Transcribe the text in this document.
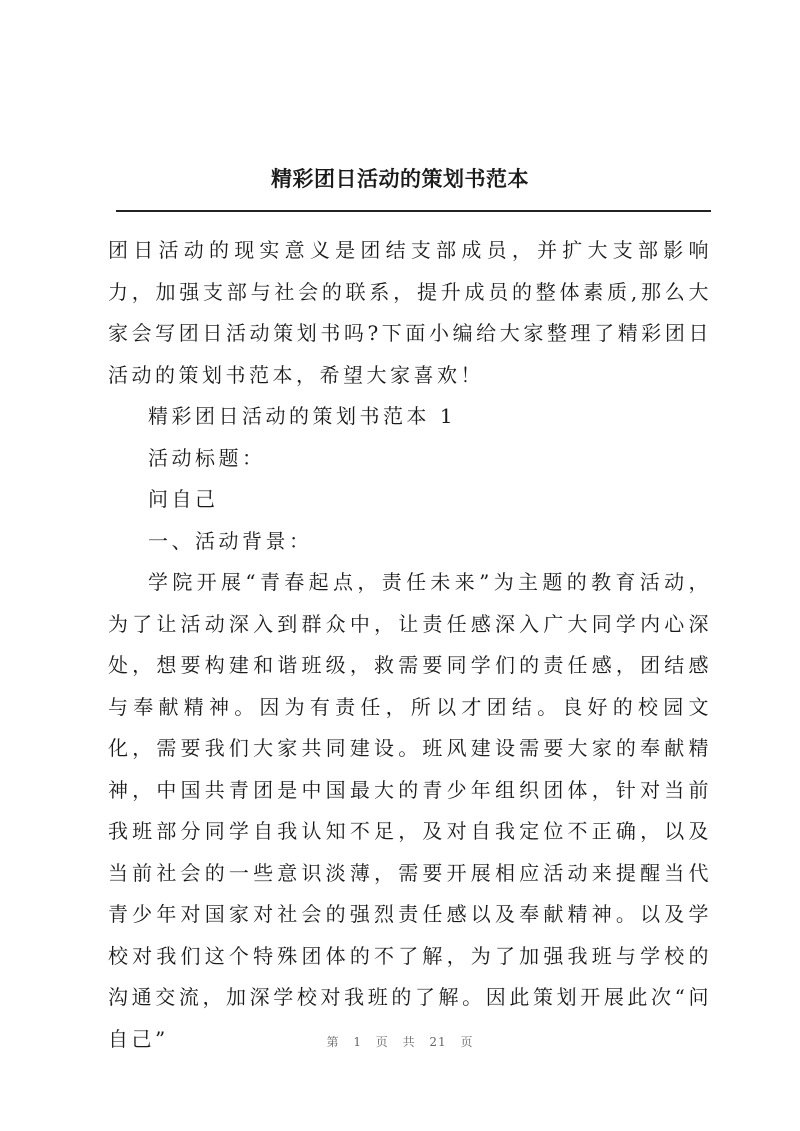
精彩团日活动的策划书范本

团日活动的现实意义是团结支部成员，并扩大支部影响力，加强支部与社会的联系，提升成员的整体素质,那么大家会写团日活动策划书吗?下面小编给大家整理了精彩团日活动的策划书范本，希望大家喜欢！

精彩团日活动的策划书范本 1

活动标题：

问自己

一、活动背景：

学院开展“青春起点，责任未来”为主题的教育活动，为了让活动深入到群众中，让责任感深入广大同学内心深处，想要构建和谐班级，救需要同学们的责任感，团结感与奉献精神。因为有责任，所以才团结。良好的校园文化，需要我们大家共同建设。班风建设需要大家的奉献精神，中国共青团是中国最大的青少年组织团体，针对当前我班部分同学自我认知不足，及对自我定位不正确，以及当前社会的一些意识淡薄，需要开展相应活动来提醒当代青少年对国家对社会的强烈责任感以及奉献精神。以及学校对我们这个特殊团体的不了解，为了加强我班与学校的沟通交流，加深学校对我班的了解。因此策划开展此次“问自己”	第 1 页 共 21 页
